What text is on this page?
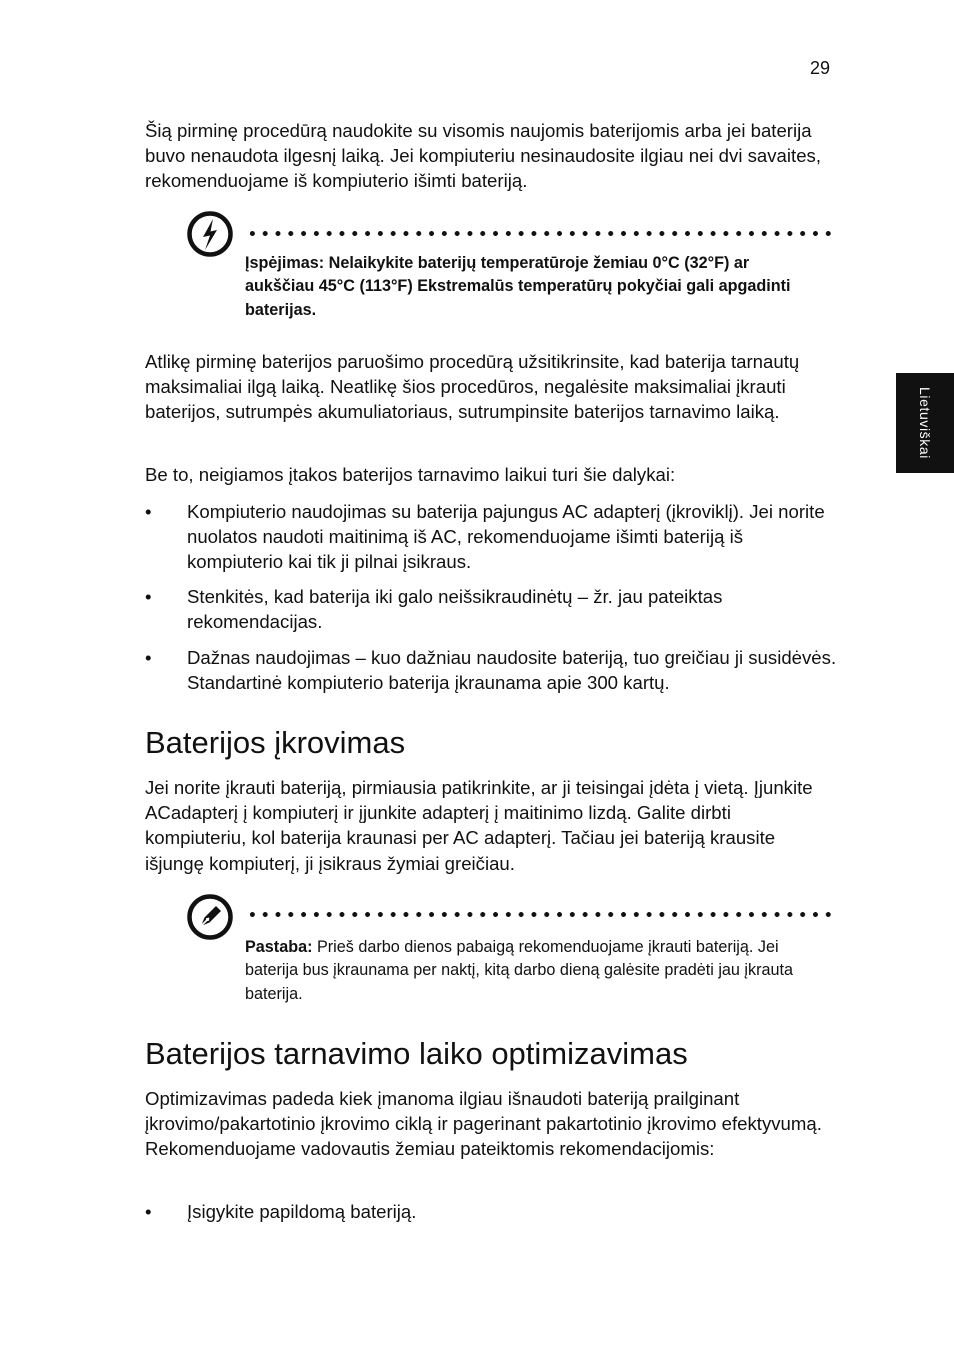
29
Lietuviškai

Šią pirminę procedūrą naudokite su visomis naujomis baterijomis arba jei baterija buvo nenaudota ilgesnį laiką. Jei kompiuteriu nesinaudosite ilgiau nei dvi savaites, rekomenduojame iš kompiuterio išimti bateriją.

Įspėjimas: Nelaikykite baterijų temperatūroje žemiau 0°C (32°F) ar aukščiau 45°C (113°F) Ekstremalūs temperatūrų pokyčiai gali apgadinti baterijas.

Atlikę pirminę baterijos paruošimo procedūrą užsitikrinsite, kad baterija tarnautų maksimaliai ilgą laiką. Neatlikę šios procedūros, negalėsite maksimaliai įkrauti baterijos, sutrumpės akumuliatoriaus, sutrumpinsite baterijos tarnavimo laiką.

Be to, neigiamos įtakos baterijos tarnavimo laikui turi šie dalykai:

• Kompiuterio naudojimas su baterija pajungus AC adapterį (įkroviklį). Jei norite nuolatos naudoti maitinimą iš AC, rekomenduojame išimti bateriją iš kompiuterio kai tik ji pilnai įsikraus.
• Stenkitės, kad baterija iki galo neišsikraudinėtų – žr. jau pateiktas rekomendacijas.
• Dažnas naudojimas – kuo dažniau naudosite bateriją, tuo greičiau ji susidėvės. Standartinė kompiuterio baterija įkraunama apie 300 kartų.
Baterijos įkrovimas

Jei norite įkrauti bateriją, pirmiausia patikrinkite, ar ji teisingai įdėta į vietą. Įjunkite ACadapterį į kompiuterį ir įjunkite adapterį į maitinimo lizdą. Galite dirbti kompiuteriu, kol baterija kraunasi per AC adapterį. Tačiau jei bateriją krausite išjungę kompiuterį, ji įsikraus žymiai greičiau.

Pastaba: Prieš darbo dienos pabaigą rekomenduojame įkrauti bateriją. Jei baterija bus įkraunama per naktį, kitą darbo dieną galėsite pradėti jau įkrauta baterija.

Baterijos tarnavimo laiko optimizavimas

Optimizavimas padeda kiek įmanoma ilgiau išnaudoti bateriją prailginant įkrovimo/pakartotinio įkrovimo ciklą ir pagerinant pakartotinio įkrovimo efektyvumą. Rekomenduojame vadovautis žemiau pateiktomis rekomendacijomis:

• Įsigykite papildomą bateriją.
